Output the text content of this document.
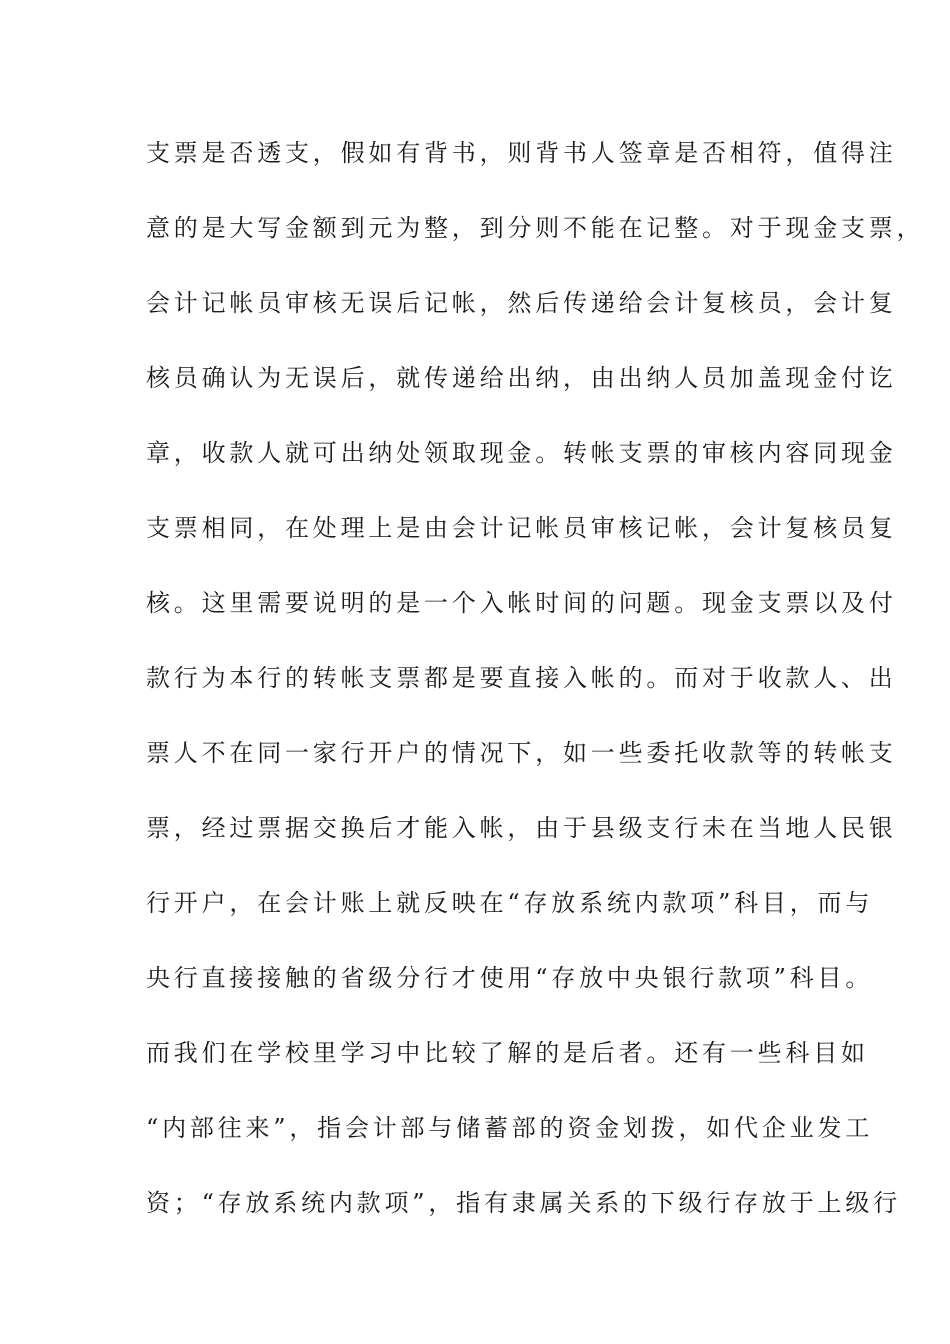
支票是否透支，假如有背书，则背书人签章是否相符，值得注
意的是大写金额到元为整，到分则不能在记整。对于现金支票，
会计记帐员审核无误后记帐，然后传递给会计复核员，会计复
核员确认为无误后，就传递给出纳，由出纳人员加盖现金付讫
章，收款人就可出纳处领取现金。转帐支票的审核内容同现金
支票相同，在处理上是由会计记帐员审核记帐，会计复核员复
核。这里需要说明的是一个入帐时间的问题。现金支票以及付
款行为本行的转帐支票都是要直接入帐的。而对于收款人、出
票人不在同一家行开户的情况下，如一些委托收款等的转帐支
票，经过票据交换后才能入帐，由于县级支行未在当地人民银
行开户，在会计账上就反映在“存放系统内款项”科目，而与
央行直接接触的省级分行才使用“存放中央银行款项”科目。
而我们在学校里学习中比较了解的是后者。还有一些科目如
“内部往来”，指会计部与储蓄部的资金划拨，如代企业发工
资；“存放系统内款项”，指有隶属关系的下级行存放于上级行
